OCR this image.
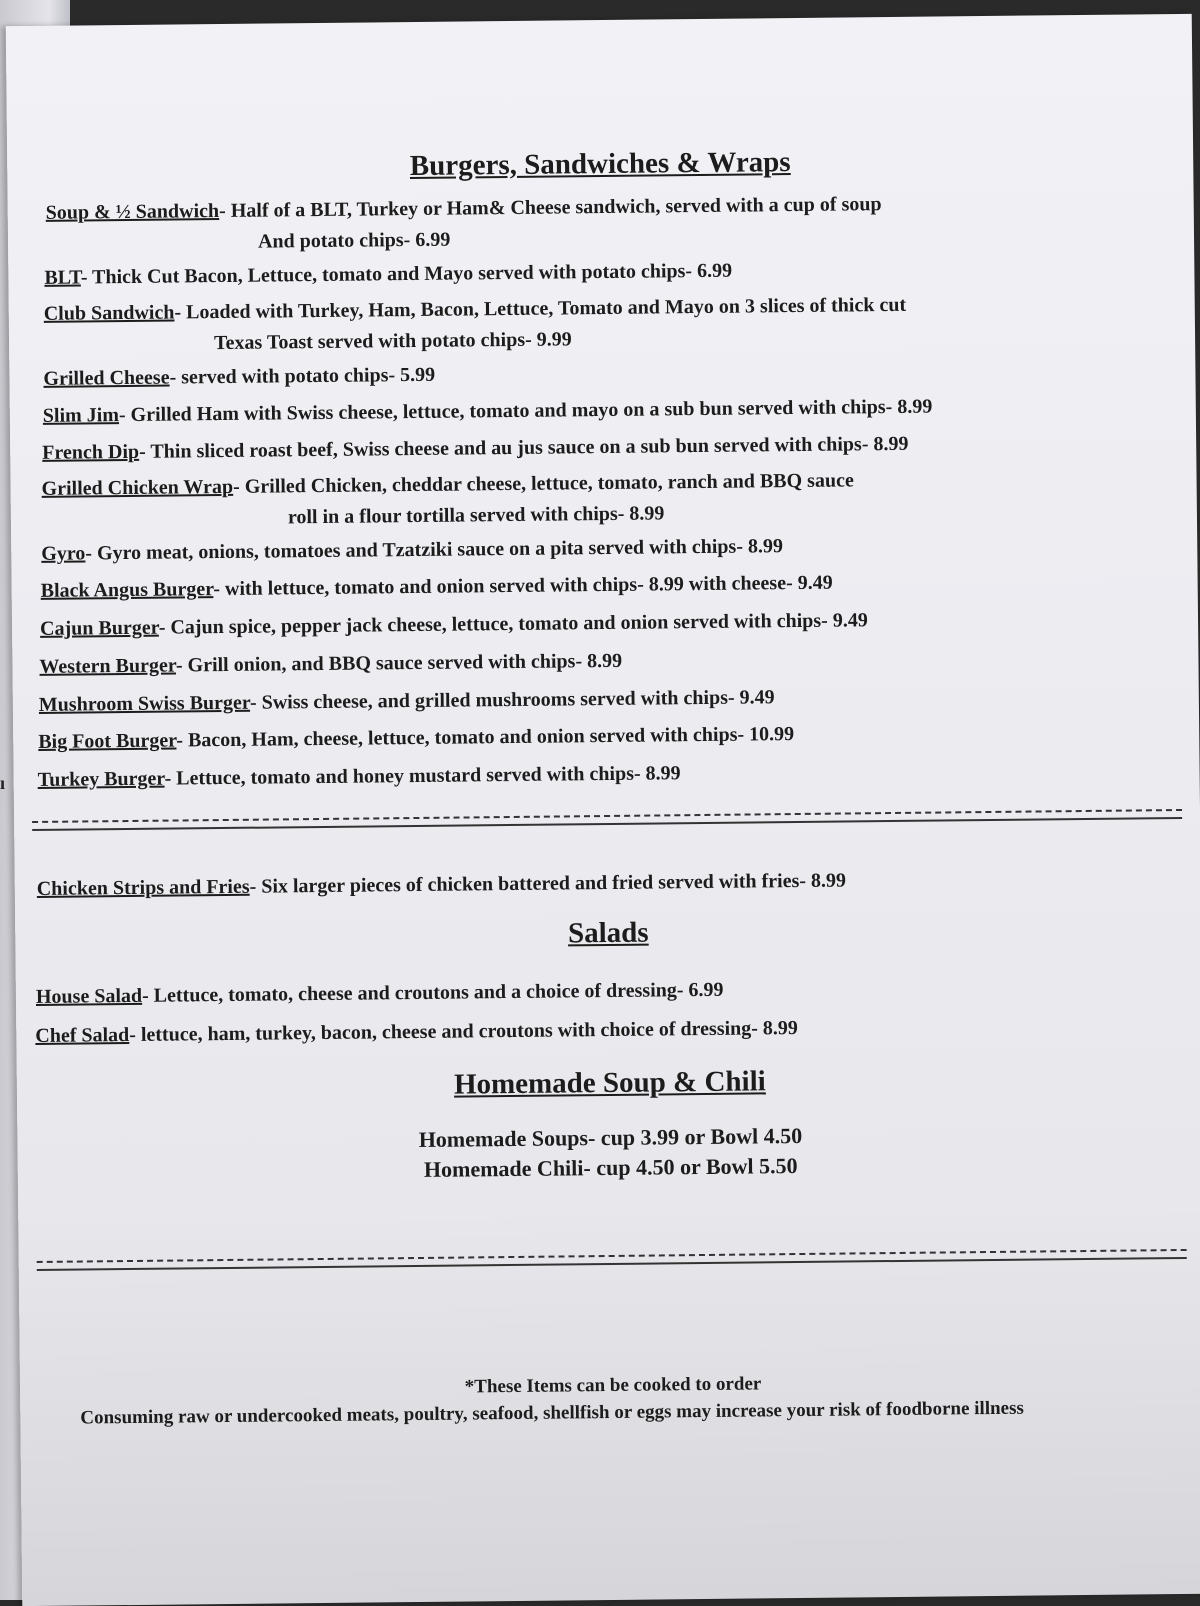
ı
Burgers, Sandwiches & Wraps
Soup & ½ Sandwich- Half of a BLT, Turkey or Ham& Cheese sandwich, served with a cup of soup
And potato chips- 6.99
BLT- Thick Cut Bacon, Lettuce, tomato and Mayo served with potato chips- 6.99
Club Sandwich- Loaded with Turkey, Ham, Bacon, Lettuce, Tomato and Mayo on 3 slices of thick cut
Texas Toast served with potato chips- 9.99
Grilled Cheese- served with potato chips- 5.99
Slim Jim- Grilled Ham with Swiss cheese, lettuce, tomato and mayo on a sub bun served with chips- 8.99
French Dip- Thin sliced roast beef, Swiss cheese and au jus sauce on a sub bun served with chips- 8.99
Grilled Chicken Wrap- Grilled Chicken, cheddar cheese, lettuce, tomato, ranch and BBQ sauce
roll in a flour tortilla served with chips- 8.99
Gyro- Gyro meat, onions, tomatoes and Tzatziki sauce on a pita served with chips- 8.99
Black Angus Burger- with lettuce, tomato and onion served with chips- 8.99 with cheese- 9.49
Cajun Burger- Cajun spice, pepper jack cheese, lettuce, tomato and onion served with chips- 9.49
Western Burger- Grill onion, and BBQ sauce served with chips- 8.99
Mushroom Swiss Burger- Swiss cheese, and grilled mushrooms served with chips- 9.49
Big Foot Burger- Bacon, Ham, cheese, lettuce, tomato and onion served with chips- 10.99
Turkey Burger- Lettuce, tomato and honey mustard served with chips- 8.99
Chicken Strips and Fries- Six larger pieces of chicken battered and fried served with fries- 8.99
Salads
House Salad- Lettuce, tomato, cheese and croutons and a choice of dressing- 6.99
Chef Salad- lettuce, ham, turkey, bacon, cheese and croutons with choice of dressing- 8.99
Homemade Soup & Chili
Homemade Soups- cup 3.99 or Bowl 4.50
Homemade Chili- cup 4.50 or Bowl 5.50
*These Items can be cooked to order
Consuming raw or undercooked meats, poultry, seafood, shellfish or eggs may increase your risk of foodborne illness
